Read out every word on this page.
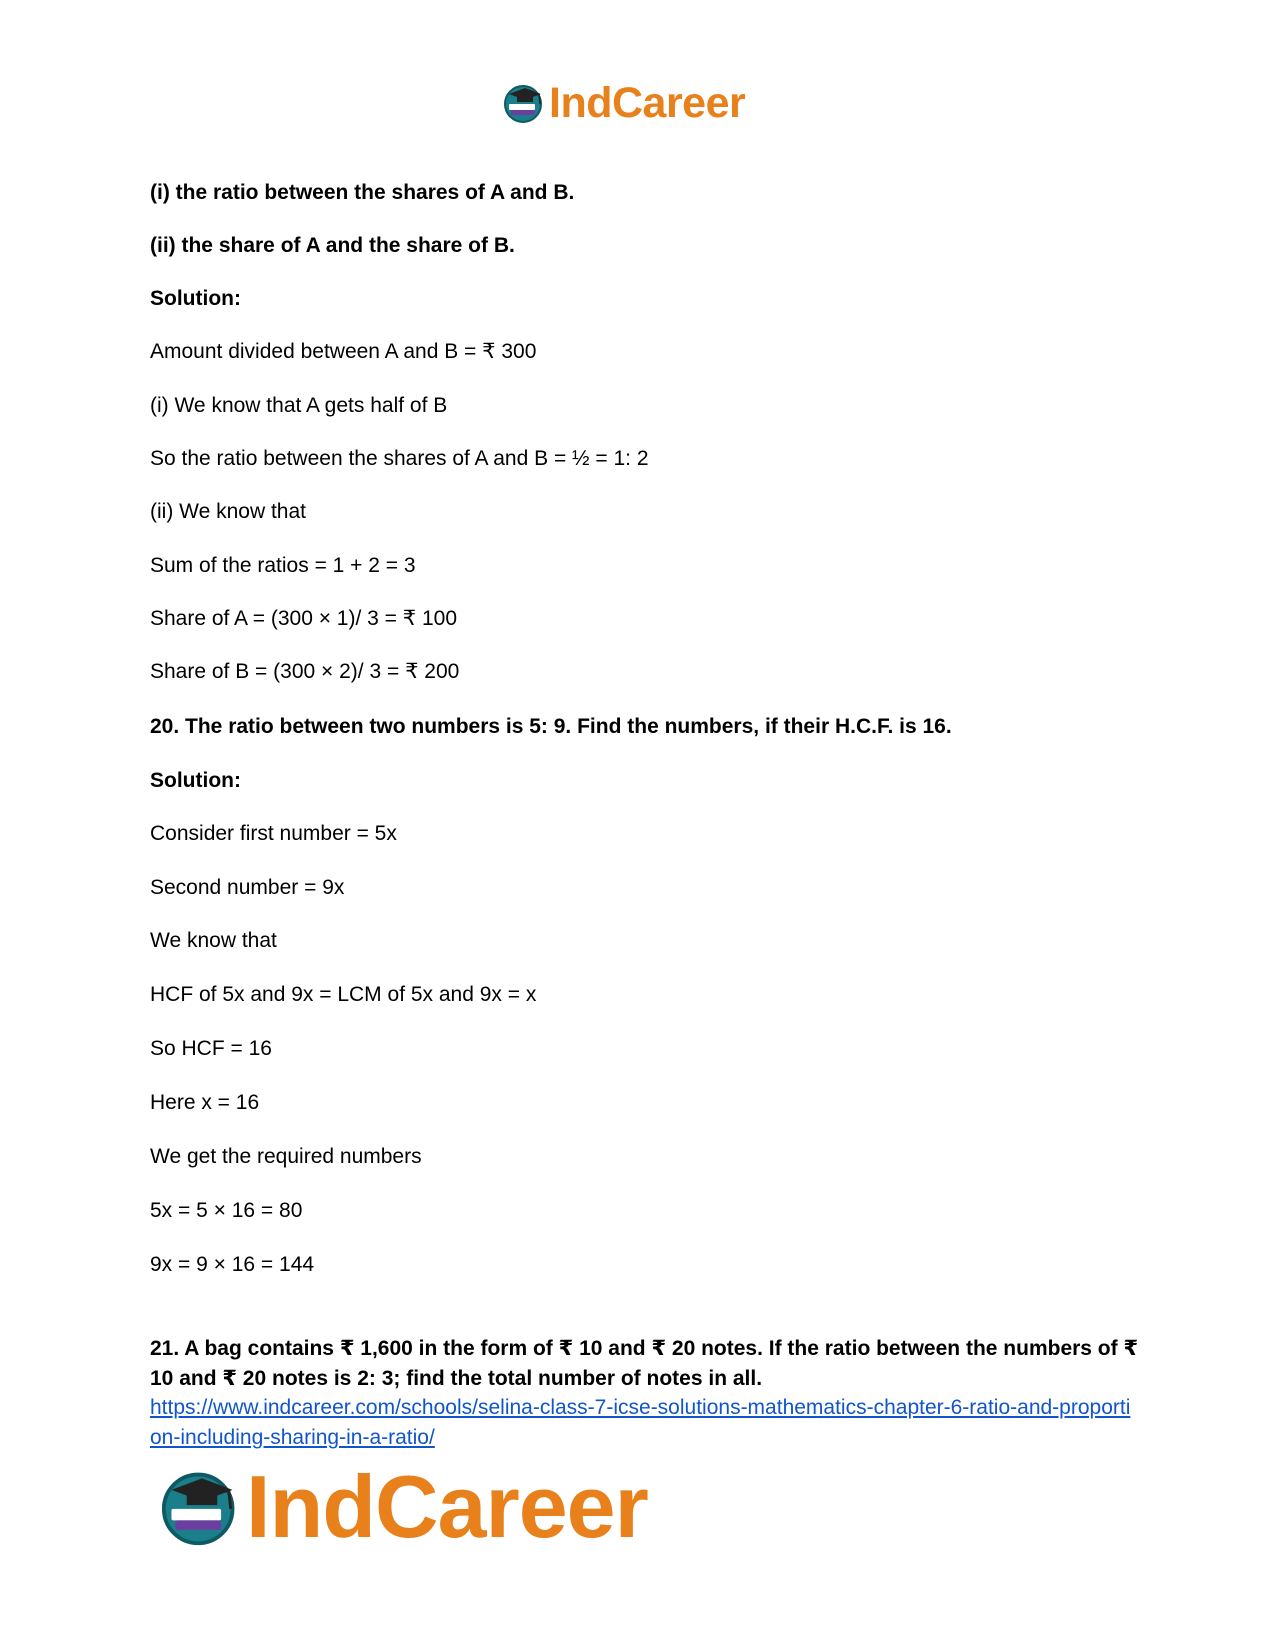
IndCareer
(i) the ratio between the shares of A and B.
(ii) the share of A and the share of B.
Solution:
Amount divided between A and B = ₹ 300
(i) We know that A gets half of B
So the ratio between the shares of A and B = ½ = 1: 2
(ii) We know that
Sum of the ratios = 1 + 2 = 3
Share of A = (300 × 1)/ 3 = ₹ 100
Share of B = (300 × 2)/ 3 = ₹ 200
20. The ratio between two numbers is 5: 9. Find the numbers, if their H.C.F. is 16.
Solution:
Consider first number = 5x
Second number = 9x
We know that
HCF of 5x and 9x = LCM of 5x and 9x = x
So HCF = 16
Here x = 16
We get the required numbers
5x = 5 × 16 = 80
9x = 9 × 16 = 144
21. A bag contains ₹ 1,600 in the form of ₹ 10 and ₹ 20 notes. If the ratio between the numbers of ₹ 10 and ₹ 20 notes is 2: 3; find the total number of notes in all.
https://www.indcareer.com/schools/selina-class-7-icse-solutions-mathematics-chapter-6-ratio-and-proportion-including-sharing-in-a-ratio/
IndCareer
